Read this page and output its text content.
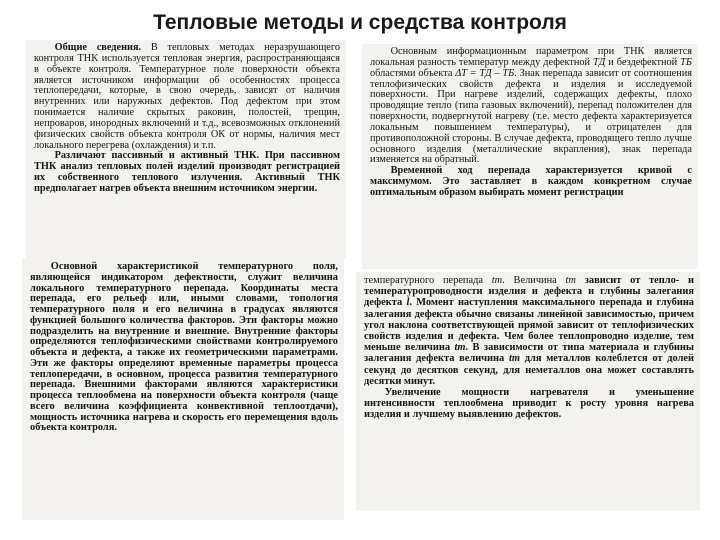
Тепловые методы и средства контроля

Общие сведения. В тепловых методах неразрушающего контроля ТНК используется тепловая энергия, распространяющаяся в объекте контроля. Температурное поле поверхности объекта является источником информации об особенностях процесса теплопередачи, которые, в свою очередь, зависят от наличия внутренних или наружных дефектов. Под дефектом при этом понимается наличие скрытых раковин, полостей, трещин, непроваров, инородных включений и т.д., всевозможных отклонений физических свойств объекта контроля ОК от нормы, наличия мест локального перегрева (охлаждения) и т.п.

Различают пассивный и активный ТНК. При пассивном ТНК анализ тепловых полей изделий производят регистрацией их собственного теплового излучения. Активный ТНК предполагает нагрев объекта внешним источником энергии.

Основным информационным параметром при ТНК является локальная разность температур между дефектной TД и бездефектной ТБ областями объекта ΔT = TД – TБ. Знак перепада зависит от соотношения теплофизических свойств дефекта и изделия и исследуемой поверхности. При нагреве изделий, содержащих дефекты, плохо проводящие тепло (типа газовых включений), перепад положителен для поверхности, подвергнутой нагреву (т.е. место дефекта характеризуется локальным повышением температуры), и отрицателен для противоположной стороны. В случае дефекта, проводящего тепло лучше основного изделия (металлические вкрапления), знак перепада изменяется на обратный.

Временной ход перепада характеризуется кривой с максимумом. Это заставляет в каждом конкретном случае оптимальным образом выбирать момент регистрации

Основной характеристикой температурного поля, являющейся индикатором дефектности, служит величина локального температурного перепада. Координаты места перепада, его рельеф или, иными словами, топология температурного поля и его величина в градусах являются функцией большого количества факторов. Эти факторы можно подразделить на внутренние и внешние. Внутренние факторы определяются теплофизическими свойствами контролируемого объекта и дефекта, а также их геометрическими параметрами. Эти же факторы определяют временные параметры процесса теплопередачи, в основном, процесса развития температурного перепада. Внешними факторами являются характеристики процесса теплообмена на поверхности объекта контроля (чаще всего величина коэффициента конвективной теплоотдачи), мощность источника нагрева и скорость его перемещения вдоль объекта контроля.

температурного перепада tm. Величина tm зависит от тепло- и температуропроводности изделия и дефекта и глубины залегания дефекта l. Момент наступления максимального перепада и глубина залегания дефекта обычно связаны линейной зависимостью, причем угол наклона соответствующей прямой зависит от теплофизических свойств изделия и дефекта. Чем более теплопроводно изделие, тем меньше величина tm. В зависимости от типа материала и глубины залегания дефекта величина tm для металлов колеблется от долей секунд до десятков секунд, для неметаллов она может составлять десятки минут.

Увеличение мощности нагревателя и уменьшение интенсивности теплообмена приводит к росту уровня нагрева изделия и лучшему выявлению дефектов.
